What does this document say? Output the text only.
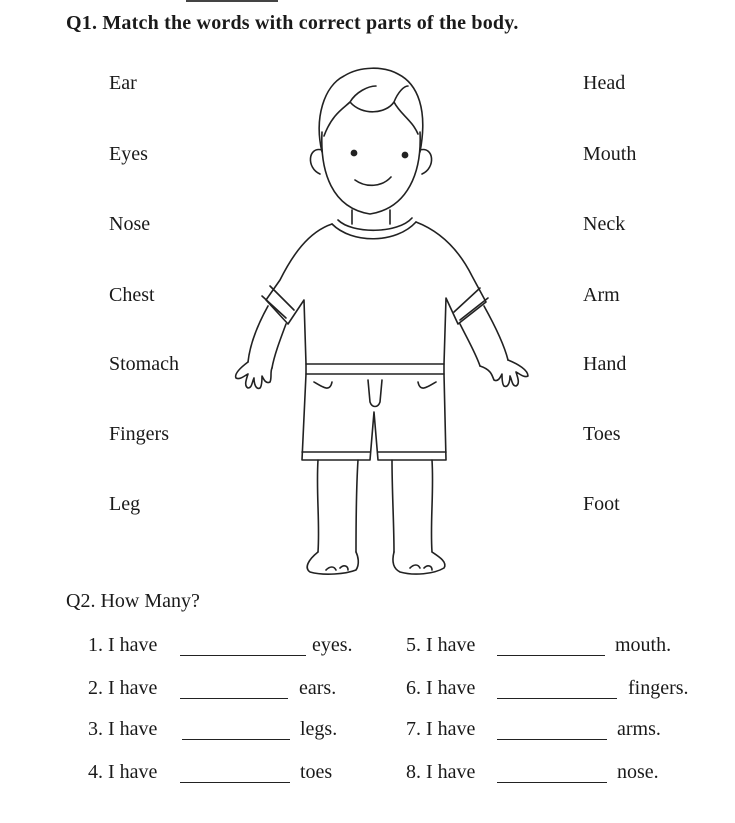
Q1. Match the words with correct parts of the body.
Ear
Eyes
Nose
Chest
Stomach
Fingers
Leg
Head
Mouth
Neck
Arm
Hand
Toes
Foot
Q2. How Many?
1. I have	eyes.
2. I have	ears.
3. I have	legs.
4. I have	toes
5. I have	mouth.
6. I have	fingers.
7. I have	arms.
8. I have	nose.
